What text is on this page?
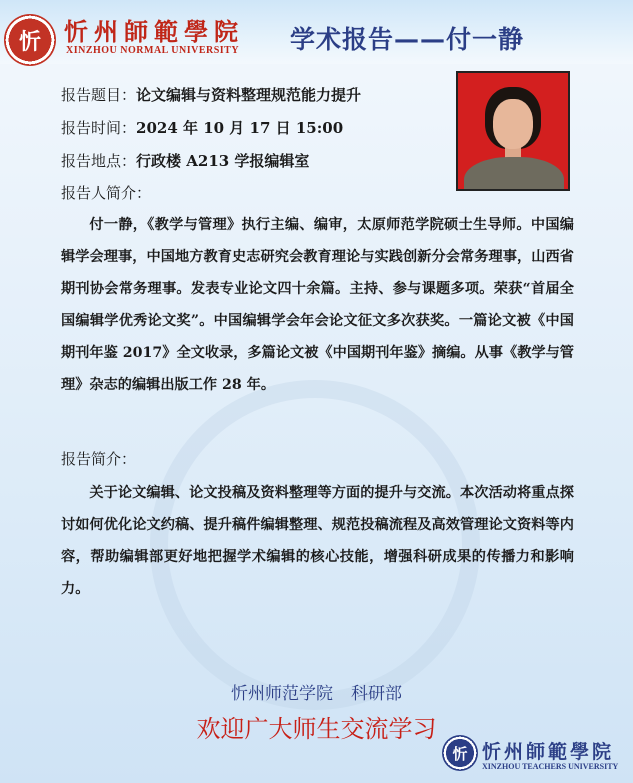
忻 忻州師範學院
XINZHOU NORMAL UNIVERSITY 学术报告——付一静
报告题目：论文编辑与资料整理规范能力提升
报告时间：2024 年 10 月 17 日 15:00
报告地点：行政楼 A213 学报编辑室
报告人简介：
付一静，《教学与管理》执行主编、编审，太原师范学院硕士生导师。中国编辑学会理事，中国地方教育史志研究会教育理论与实践创新分会常务理事，山西省期刊协会常务理事。发表专业论文四十余篇。主持、参与课题多项。荣获“首届全国编辑学优秀论文奖”。中国编辑学会年会论文征文多次获奖。一篇论文被《中国期刊年鉴 2017》全文收录，多篇论文被《中国期刊年鉴》摘编。从事《教学与管理》杂志的编辑出版工作 28 年。
报告简介：
关于论文编辑、论文投稿及资料整理等方面的提升与交流。本次活动将重点探讨如何优化论文约稿、提升稿件编辑整理、规范投稿流程及高效管理论文资料等内容，帮助编辑部更好地把握学术编辑的核心技能，增强科研成果的传播力和影响力。
忻州师范学院 科研部
欢迎广大师生交流学习
忻 忻州師範學院
XINZHOU TEACHERS UNIVERSITY
